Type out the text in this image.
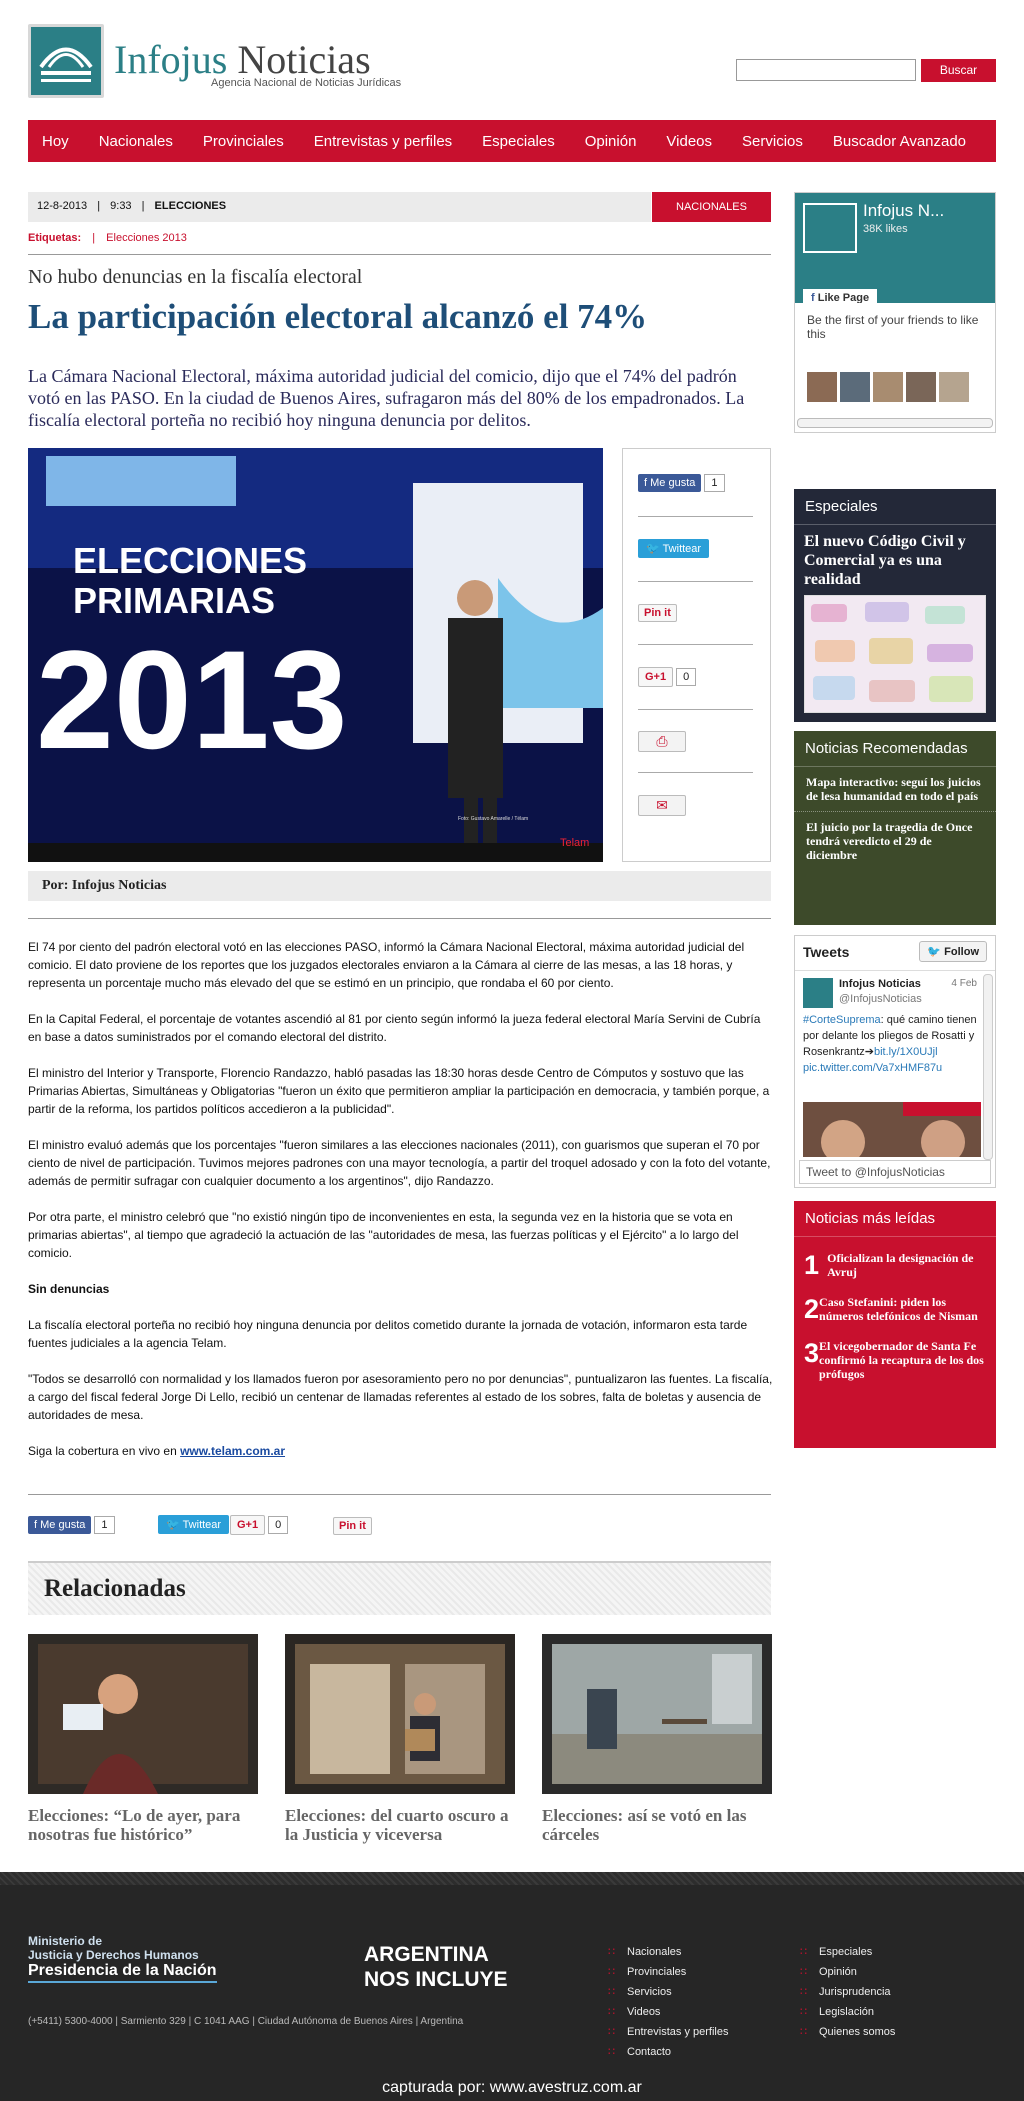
Infojus Noticias
Agencia Nacional de Noticias Jurídicas
Buscar
Hoy Nacionales Provinciales Entrevistas y perfiles Especiales Opinión Videos Servicios Buscador Avanzado
12-8-2013 | 9:33 | ELECCIONES	NACIONALES
Etiquetas: | Elecciones 2013
No hubo denuncias en la fiscalía electoral
La participación electoral alcanzó el 74%
La Cámara Nacional Electoral, máxima autoridad judicial del comicio, dijo que el 74% del padrón votó en las PASO. En la ciudad de Buenos Aires, sufragaron más del 80% de los empadronados. La fiscalía electoral porteña no recibió hoy ninguna denuncia por delitos.
ELECCIONES
PRIMARIAS
2013
Foto: Gustavo Amarelle / Télam
Telam
f Me gusta 1
🐦 Twittear
Pin it
G+1 0
⎙
✉
Por: Infojus Noticias

El 74 por ciento del padrón electoral votó en las elecciones PASO, informó la Cámara Nacional Electoral, máxima autoridad judicial del comicio. El dato proviene de los reportes que los juzgados electorales enviaron a la Cámara al cierre de las mesas, a las 18 horas, y representa un porcentaje mucho más elevado del que se estimó en un principio, que rondaba el 60 por ciento.

En la Capital Federal, el porcentaje de votantes ascendió al 81 por ciento según informó la jueza federal electoral María Servini de Cubría en base a datos suministrados por el comando electoral del distrito.

El ministro del Interior y Transporte, Florencio Randazzo, habló pasadas las 18:30 horas desde Centro de Cómputos y sostuvo que las Primarias Abiertas, Simultáneas y Obligatorias "fueron un éxito que permitieron ampliar la participación en democracia, y también porque, a partir de la reforma, los partidos políticos accedieron a la publicidad".

El ministro evaluó además que los porcentajes "fueron similares a las elecciones nacionales (2011), con guarismos que superan el 70 por ciento de nivel de participación. Tuvimos mejores padrones con una mayor tecnología, a partir del troquel adosado y con la foto del votante, además de permitir sufragar con cualquier documento a los argentinos", dijo Randazzo.

Por otra parte, el ministro celebró que "no existió ningún tipo de inconvenientes en esta, la segunda vez en la historia que se vota en primarias abiertas", al tiempo que agradeció la actuación de las "autoridades de mesa, las fuerzas políticas y el Ejército" a lo largo del comicio.

Sin denuncias

La fiscalía electoral porteña no recibió hoy ninguna denuncia por delitos cometido durante la jornada de votación, informaron esta tarde fuentes judiciales a la agencia Telam.

"Todos se desarrolló con normalidad y los llamados fueron por asesoramiento pero no por denuncias", puntualizaron las fuentes. La fiscalía, a cargo del fiscal federal Jorge Di Lello, recibió un centenar de llamadas referentes al estado de los sobres, falta de boletas y ausencia de autoridades de mesa.

Siga la cobertura en vivo en www.telam.com.ar

f Me gusta 1	🐦 Twittear	G+1 0	Pin it
Relacionadas
Elecciones: “Lo de ayer, para nosotras fue histórico”
Elecciones: del cuarto oscuro a la Justicia y viceversa
Elecciones: así se votó en las cárceles
Infojus N...
38K likes
f Like Page
Be the first of your friends to like this
Especiales
El nuevo Código Civil y Comercial ya es una realidad
Noticias Recomendadas
Mapa interactivo: seguí los juicios de lesa humanidad en todo el país
El juicio por la tragedia de Once tendrá veredicto el 29 de diciembre
Tweets	🐦 Follow
Infojus Noticias
@InfojusNoticias
4 Feb
#CorteSuprema: qué camino tienen por delante los pliegos de Rosatti y Rosenkrantz➔bit.ly/1X0UJjl
pic.twitter.com/Va7xHMF87u
Tweet to @InfojusNoticias
Noticias más leídas
1 Oficializan la designación de Avruj
2 Caso Stefanini: piden los números telefónicos de Nisman
3 El vicegobernador de Santa Fe confirmó la recaptura de los dos prófugos
Ministerio de
Justicia y Derechos Humanos
Presidencia de la Nación
ARGENTINA
NOS INCLUYE
(+5411) 5300-4000 | Sarmiento 329 | C 1041 AAG | Ciudad Autónoma de Buenos Aires | Argentina
∷ Nacionales
∷ Provinciales
∷ Servicios
∷ Videos
∷ Entrevistas y perfiles
∷ Contacto
∷ Especiales
∷ Opinión
∷ Jurisprudencia
∷ Legislación
∷ Quienes somos
capturada por: www.avestruz.com.ar
